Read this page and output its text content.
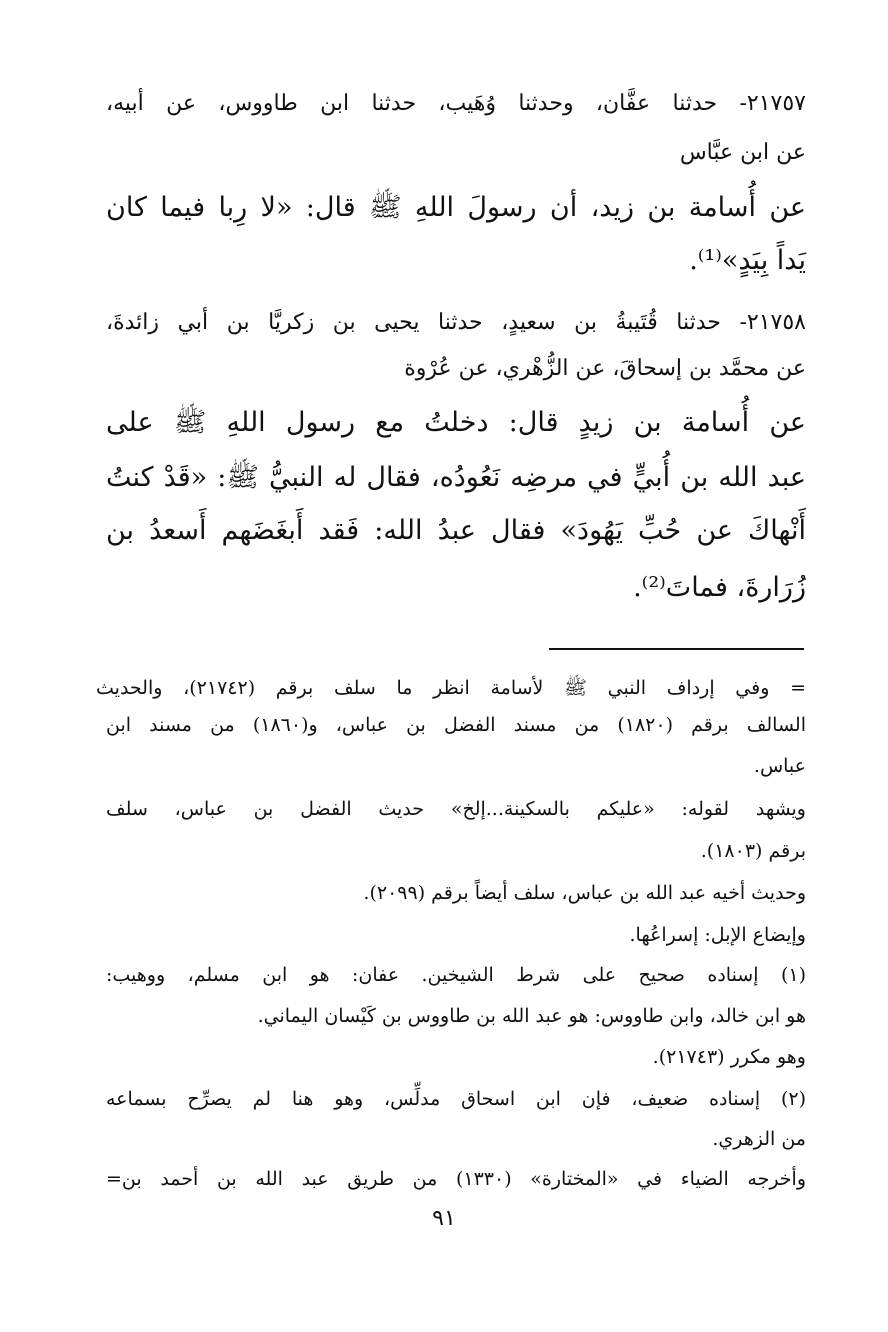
٢١٧٥٧- حدثنا عفَّان، وحدثنا وُهَيب، حدثنا ابن طاووس، عن أبيه،
عن ابن عبَّاس
عن أُسامة بن زيد، أن رسولَ اللهِ ﷺ قال: «لا رِبا فيما كان
يَداً بِيَدٍ»⁽¹⁾.
٢١٧٥٨- حدثنا قُتَيبةُ بن سعيدٍ، حدثنا يحيى بن زكريَّا بن أبي زائدةَ،
عن محمَّد بن إسحاقَ، عن الزُّهْري، عن عُرْوة
عن أُسامة بن زيدٍ قال: دخلتُ مع رسول اللهِ ﷺ على
عبد الله بن أُبيٍّ في مرضِه نَعُودُه، فقال له النبيُّ ﷺ: «قَدْ كنتُ
أَنْهاكَ عن حُبِّ يَهُودَ» فقال عبدُ الله: فَقد أَبغَضَهم أَسعدُ بن
زُرَارةَ، فماتَ⁽²⁾.
= وفي إرداف النبي ﷺ لأسامة انظر ما سلف برقم (٢١٧٤٢)، والحديث
السالف برقم (١٨٢٠) من مسند الفضل بن عباس، و(١٨٦٠) من مسند ابن
عباس.
ويشهد لقوله: «عليكم بالسكينة...إلخ» حديث الفضل بن عباس، سلف
برقم (١٨٠٣).
وحديث أخيه عبد الله بن عباس، سلف أيضاً برقم (٢٠٩٩).
وإيضاع الإبل: إسراعُها.
(١) إسناده صحيح على شرط الشيخين. عفان: هو ابن مسلم، ووهيب:
هو ابن خالد، وابن طاووس: هو عبد الله بن طاووس بن كَيْسان اليماني.
وهو مكرر (٢١٧٤٣).
(٢) إسناده ضعيف، فإن ابن اسحاق مدلِّس، وهو هنا لم يصرِّح بسماعه
من الزهري.
وأخرجه الضياء في «المختارة» (١٣٣٠) من طريق عبد الله بن أحمد بن=
٩١
